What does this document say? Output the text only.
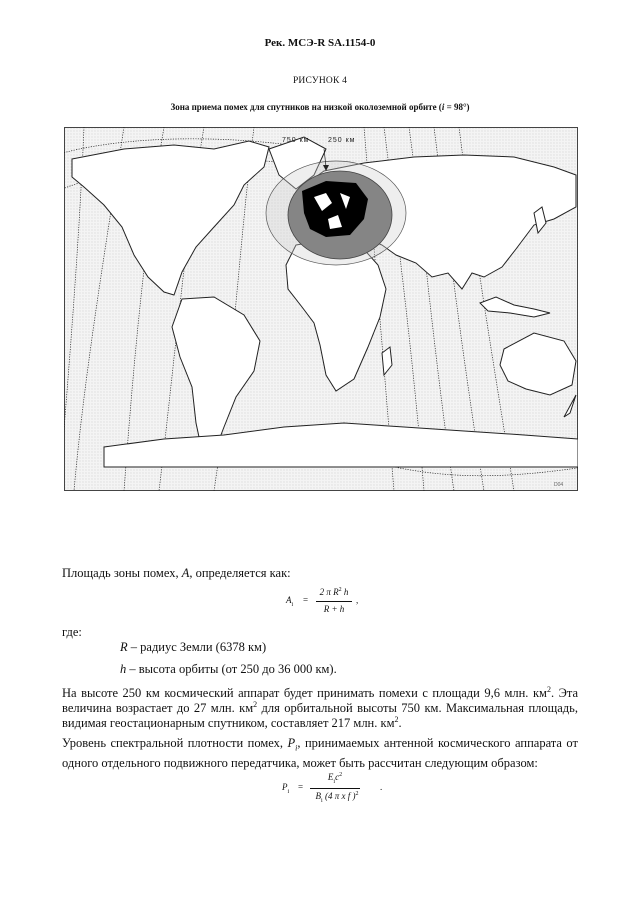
Рек. МСЭ-R SA.1154-0
РИСУНОК 4
Зона приема помех для спутников на низкой околоземной орбите (i = 98°)
750 км	250 км
D04
Площадь зоны помех, A, определяется как:
$A_i$ =
2 π $R^2$ h
R + h
,
где:
R – радиус Земли (6378 км)
h – высота орбиты (от 250 до 36 000 км).
На высоте 250 км космический аппарат будет принимать помехи с площади 9,6 млн. $км^2$. Эта величина возрастает до 27 млн. $км^2$ для орбитальной высоты 750 км. Максимальная площадь, видимая геостационарным спутником, составляет 217 млн. $км^2$.
Уровень спектральной плотности помех, $P_i$, принимаемых антенной космического аппарата от одного отдельного подвижного передатчика, может быть рассчитан следующим образом:
$P_i$ =
$E_ic^2$
$B_i$ (4 π x f )$^2$
.
